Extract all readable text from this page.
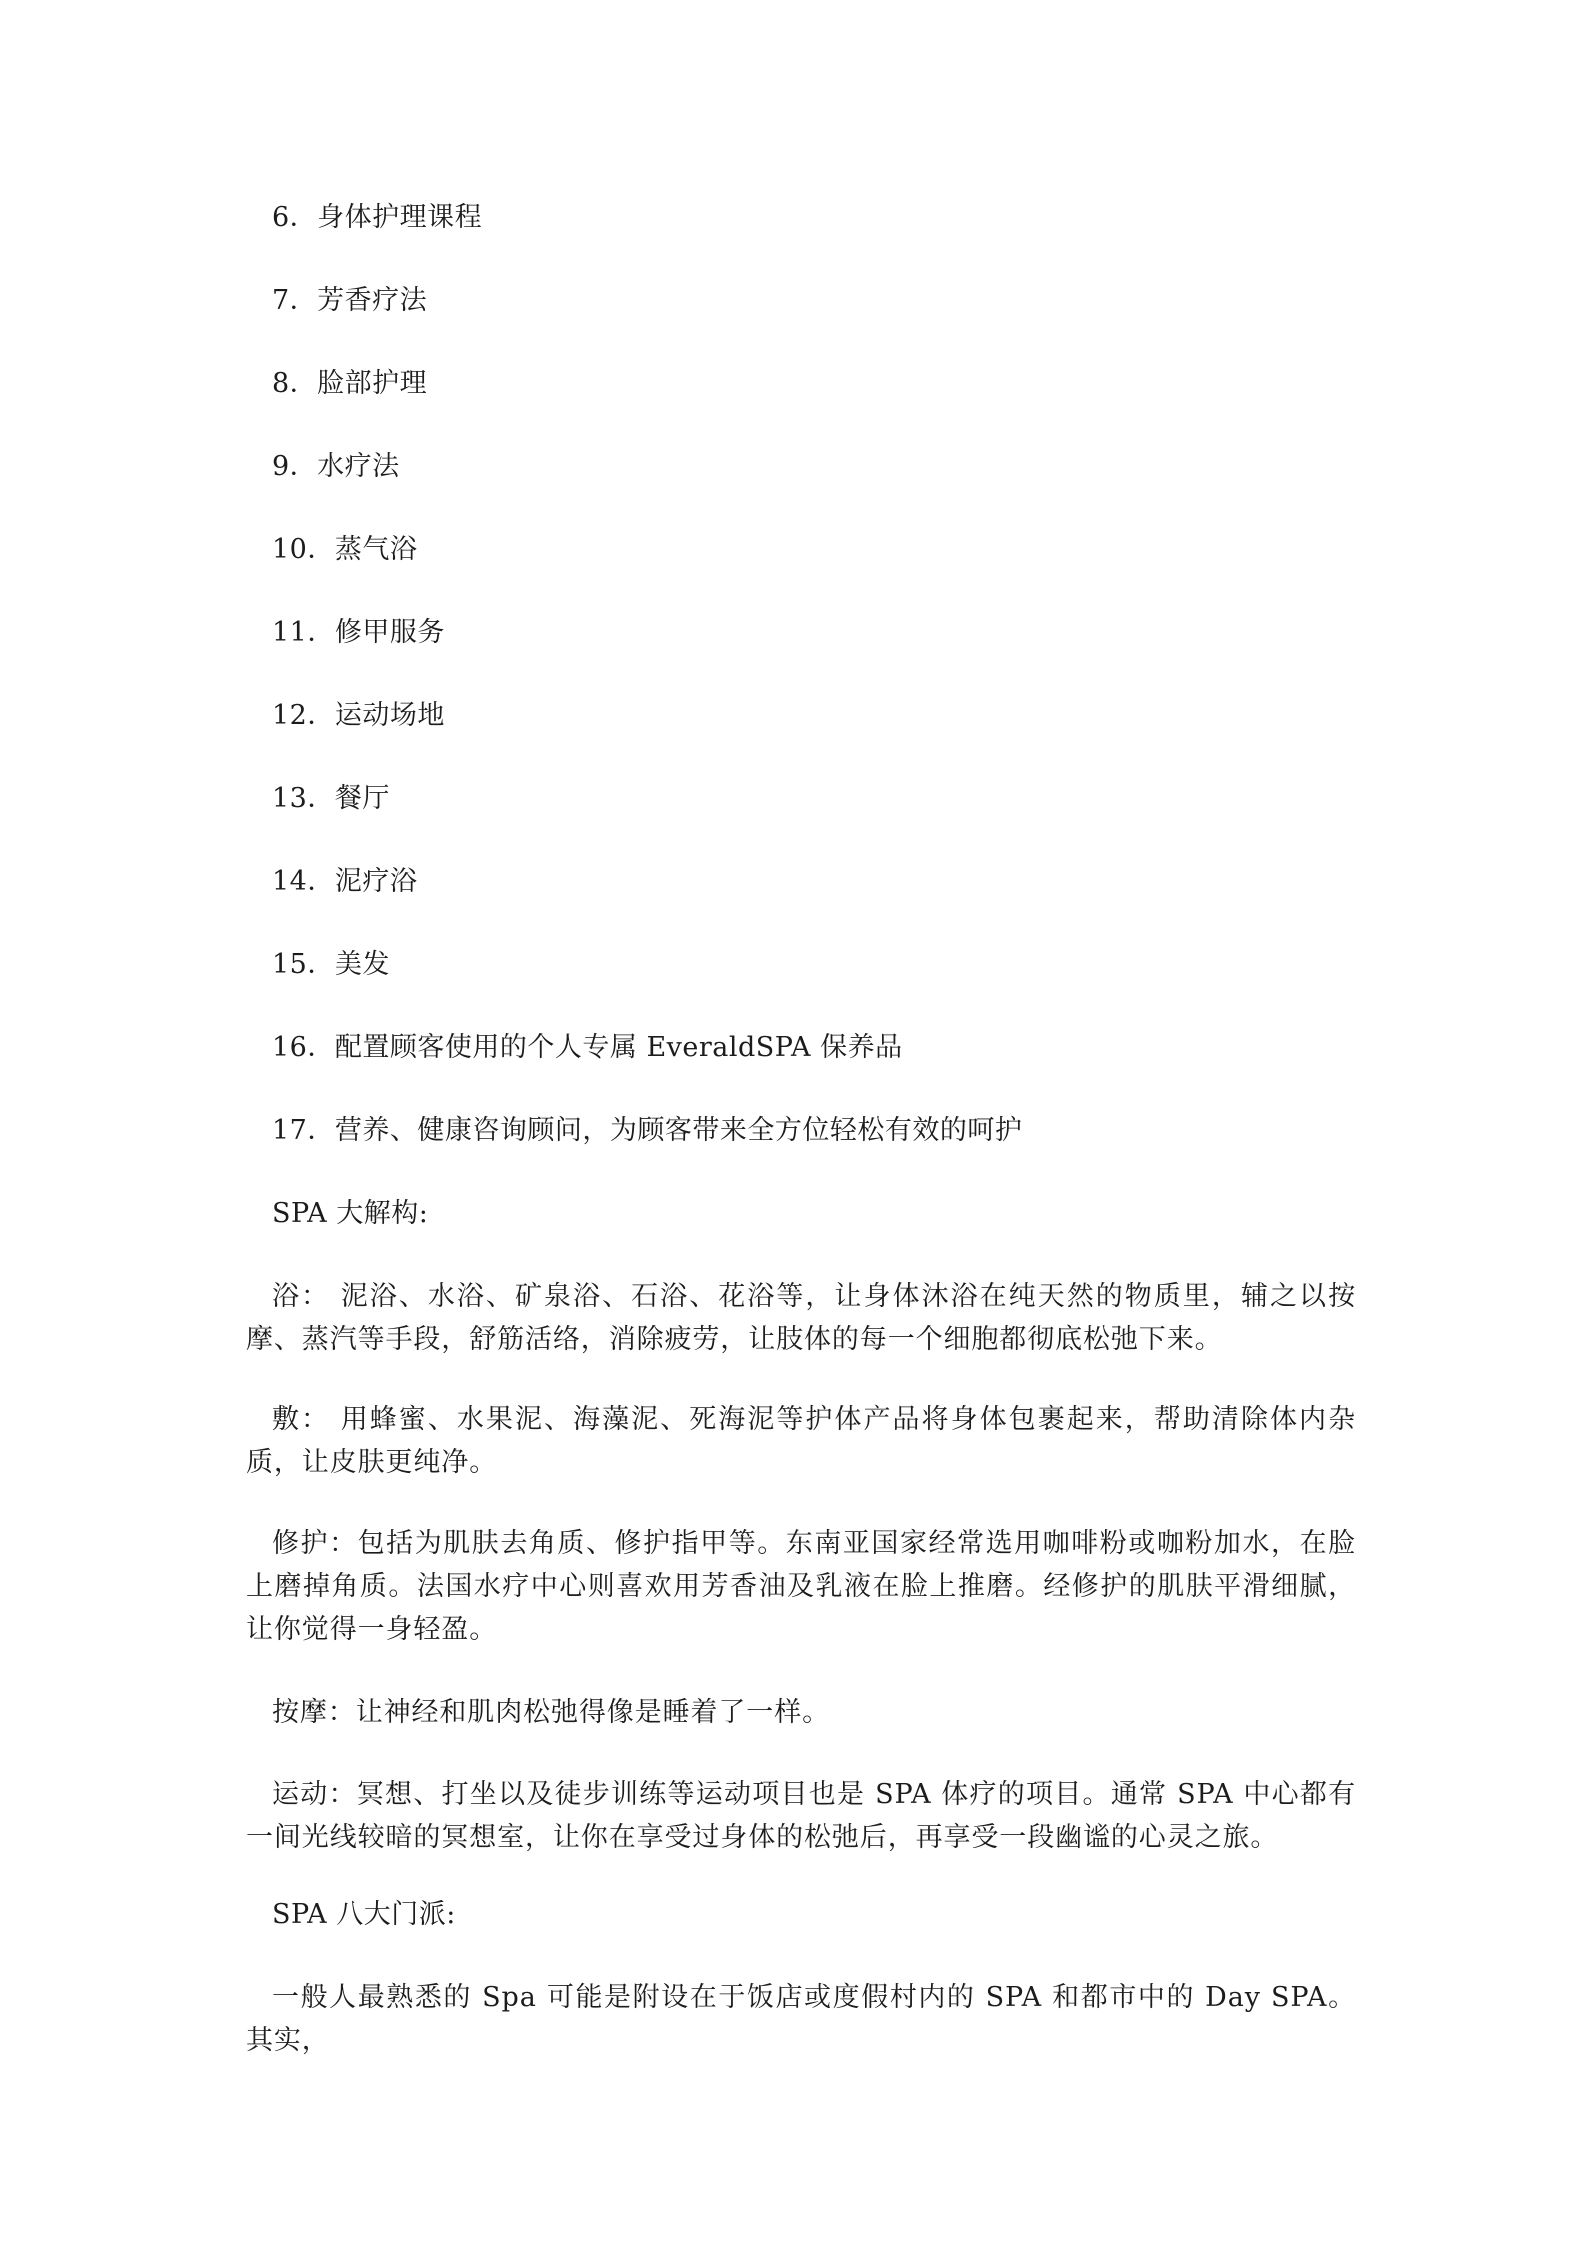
6．身体护理课程
7．芳香疗法
8．脸部护理
9．水疗法
10．蒸气浴
11．修甲服务
12．运动场地
13．餐厅
14．泥疗浴
15．美发
16．配置顾客使用的个人专属 EveraldSPA 保养品
17．营养、健康咨询顾问，为顾客带来全方位轻松有效的呵护
SPA 大解构:
浴： 泥浴、水浴、矿泉浴、石浴、花浴等，让身体沐浴在纯天然的物质里，辅之以按摩、蒸汽等手段，舒筋活络，消除疲劳，让肢体的每一个细胞都彻底松弛下来。
敷： 用蜂蜜、水果泥、海藻泥、死海泥等护体产品将身体包裹起来，帮助清除体内杂质，让皮肤更纯净。
修护：包括为肌肤去角质、修护指甲等。东南亚国家经常选用咖啡粉或咖粉加水，在脸上磨掉角质。法国水疗中心则喜欢用芳香油及乳液在脸上推磨。经修护的肌肤平滑细腻，让你觉得一身轻盈。
按摩：让神经和肌肉松弛得像是睡着了一样。
运动：冥想、打坐以及徒步训练等运动项目也是 SPA 体疗的项目。通常 SPA 中心都有一间光线较暗的冥想室，让你在享受过身体的松弛后，再享受一段幽谧的心灵之旅。
SPA 八大门派:
一般人最熟悉的 Spa 可能是附设在于饭店或度假村内的 SPA 和都市中的 Day SPA。其实，
